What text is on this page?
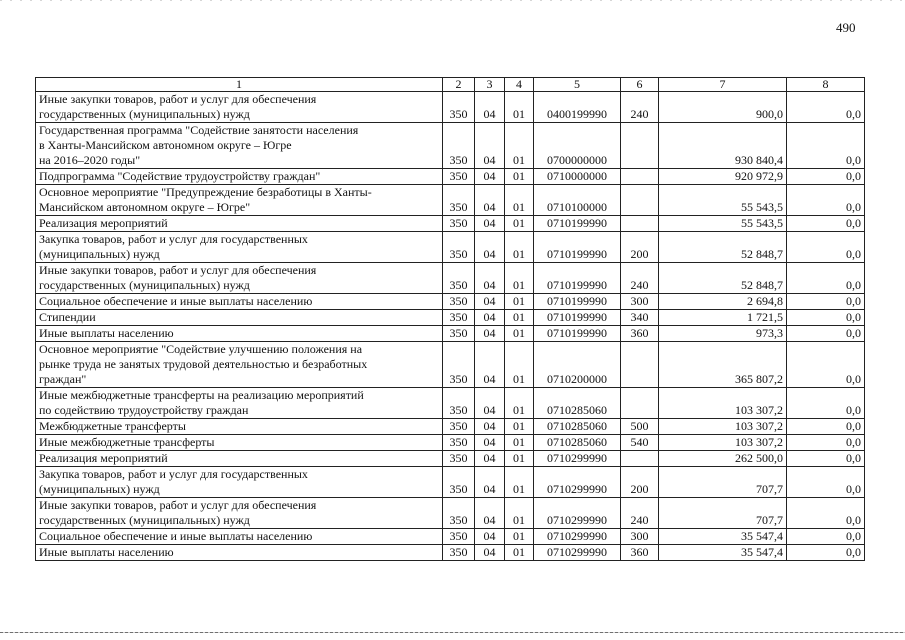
490
1	2	3	4	5	6	7	8
Иные закупки товаров, работ и услуг для обеспечения
государственных (муниципальных) нужд	350	04	01	0400199990	240	900,0	0,0
Государственная программа "Содействие занятости населения
в Ханты-Мансийском автономном округе – Югре
на 2016–2020 годы"	350	04	01	0700000000		930 840,4	0,0
Подпрограмма "Содействие трудоустройству граждан"	350	04	01	0710000000		920 972,9	0,0
Основное мероприятие "Предупреждение безработицы в Ханты-
Мансийском автономном округе – Югре"	350	04	01	0710100000		55 543,5	0,0
Реализация мероприятий	350	04	01	0710199990		55 543,5	0,0
Закупка товаров, работ и услуг для государственных
(муниципальных) нужд	350	04	01	0710199990	200	52 848,7	0,0
Иные закупки товаров, работ и услуг для обеспечения
государственных (муниципальных) нужд	350	04	01	0710199990	240	52 848,7	0,0
Социальное обеспечение и иные выплаты населению	350	04	01	0710199990	300	2 694,8	0,0
Стипендии	350	04	01	0710199990	340	1 721,5	0,0
Иные выплаты населению	350	04	01	0710199990	360	973,3	0,0
Основное мероприятие "Содействие улучшению положения на
рынке труда не занятых трудовой деятельностью и безработных
граждан"	350	04	01	0710200000		365 807,2	0,0
Иные межбюджетные трансферты на реализацию мероприятий
по содействию трудоустройству граждан	350	04	01	0710285060		103 307,2	0,0
Межбюджетные трансферты	350	04	01	0710285060	500	103 307,2	0,0
Иные межбюджетные трансферты	350	04	01	0710285060	540	103 307,2	0,0
Реализация мероприятий	350	04	01	0710299990		262 500,0	0,0
Закупка товаров, работ и услуг для государственных
(муниципальных) нужд	350	04	01	0710299990	200	707,7	0,0
Иные закупки товаров, работ и услуг для обеспечения
государственных (муниципальных) нужд	350	04	01	0710299990	240	707,7	0,0
Социальное обеспечение и иные выплаты населению	350	04	01	0710299990	300	35 547,4	0,0
Иные выплаты населению	350	04	01	0710299990	360	35 547,4	0,0
